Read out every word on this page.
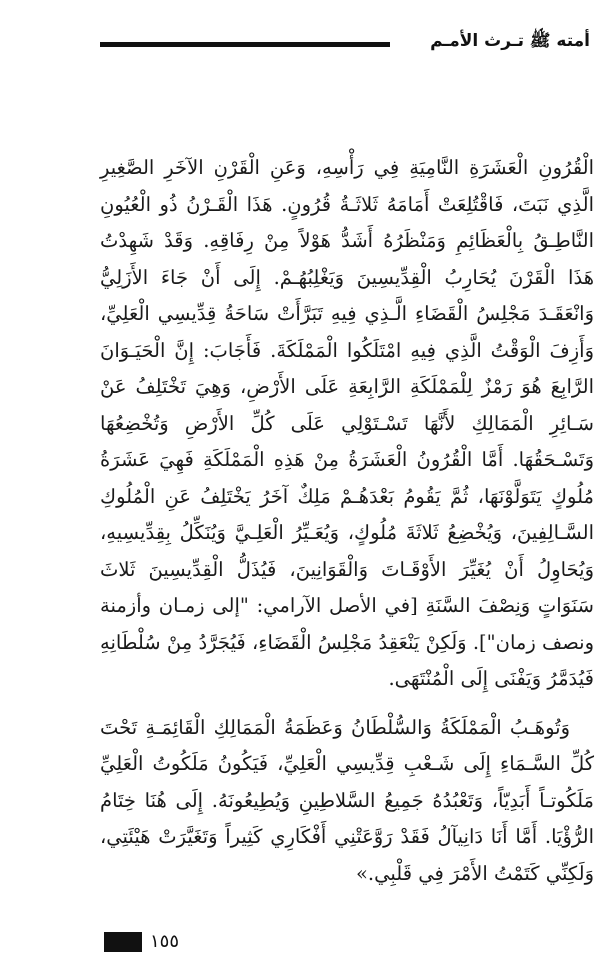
أمته ﷺ تـرث الأمـم

الْقُرُونِ الْعَشَرَةِ النَّامِيَةِ فِي رَأْسِهِ، وَعَنِ الْقَرْنِ الآخَرِ الصَّغِيرِ الَّذِي نَبَتَ، فَاقْتُلِعَتْ أَمَامَهُ ثَلاثَـةُ قُرُونٍ. هَذَا الْقَـرْنُ ذُو الْعُيُونِ النَّاطِـقُ بِالْعَظَائِمِ وَمَنْظَرُهُ أَشَدُّ هَوْلاً مِنْ رِفَاقِهِ. وَقَدْ شَهِدْتُ هَذَا الْقَرْنَ يُحَارِبُ الْقِدِّيسِينَ وَيَغْلِبُهُـمْ. إِلَى أَنْ جَاءَ الأَزَلِيُّ وَانْعَقَـدَ مَجْلِسُ الْقَضَاءِ الَّـذِي فِيهِ تَبَرَّأَتْ سَاحَةُ قِدِّيسِي الْعَلِيِّ، وَأَزِفَ الْوَقْتُ الَّذِي فِيهِ امْتَلَكُوا الْمَمْلَكَةَ. فَأَجَابَ: إِنَّ الْحَيَـوَانَ الرَّابِعَ هُوَ رَمْزٌ لِلْمَمْلَكَةِ الرَّابِعَةِ عَلَى الأَرْضِ، وَهِيَ تَخْتَلِفُ عَنْ سَـائِرِ الْمَمَالِكِ لأَنَّهَا تَسْـتَوْلِي عَلَى كُلِّ الأَرْضِ وَتُخْضِعُهَا وَتَسْـحَقُهَا. أَمَّا الْقُرُونُ الْعَشَرَةُ مِنْ هَذِهِ الْمَمْلَكَةِ فَهِيَ عَشَرَةُ مُلُوكٍ يَتَوَلَّوْنَهَا، ثُمَّ يَقُومُ بَعْدَهُـمْ مَلِكٌ آخَرُ يَخْتَلِفُ عَنِ الْمُلُوكِ السَّـالِفِينَ، وَيُخْضِعُ ثَلاثَةَ مُلُوكٍ، وَيُعَـيِّرُ الْعَلِـيَّ وَيُنَكِّلُ بِقِدِّيسِيهِ، وَيُحَاوِلُ أَنْ يُغَيِّرَ الأَوْقَـاتَ وَالْقَوَانِينَ، فَيُذَلُّ الْقِدِّيسِينَ ثَلاثَ سَنَوَاتٍ وَنِصْفَ السَّنَةِ [في الأصل الآرامي: "إلى زمـان وأزمنة ونصف زمان"]. وَلَكِنْ يَنْعَقِدُ مَجْلِسُ الْقَضَاءِ، فَيُجَرَّدُ مِنْ سُلْطَانِهِ فَيُدَمَّرُ وَيَفْنَى إِلَى الْمُنْتَهَى.

وَتُوهَـبُ الْمَمْلَكَةُ وَالسُّلْطَانُ وَعَظَمَةُ الْمَمَالِكِ الْقَائِمَـةِ تَحْتَ كُلِّ السَّـمَاءِ إِلَى شَـعْبِ قِدِّيسِي الْعَلِيِّ، فَيَكُونُ مَلَكُوتُ الْعَلِيِّ مَلَكُوتـاً أَبَدِيّاً، وَتَعْبُدُهُ جَمِيعُ السَّلاطِينِ وَيُطِيعُونَهُ. إِلَى هُنَا خِتَامُ الرُّؤْيَا. أَمَّا أَنَا دَانِيآلُ فَقَدْ رَوَّعَتْنِي أَفْكَارِي كَثِيراً وَتَغَيَّرَتْ هَيْئَتِي، وَلَكِنِّي كَتَمْتُ الأَمْرَ فِي قَلْبِي.»

١٥٥
